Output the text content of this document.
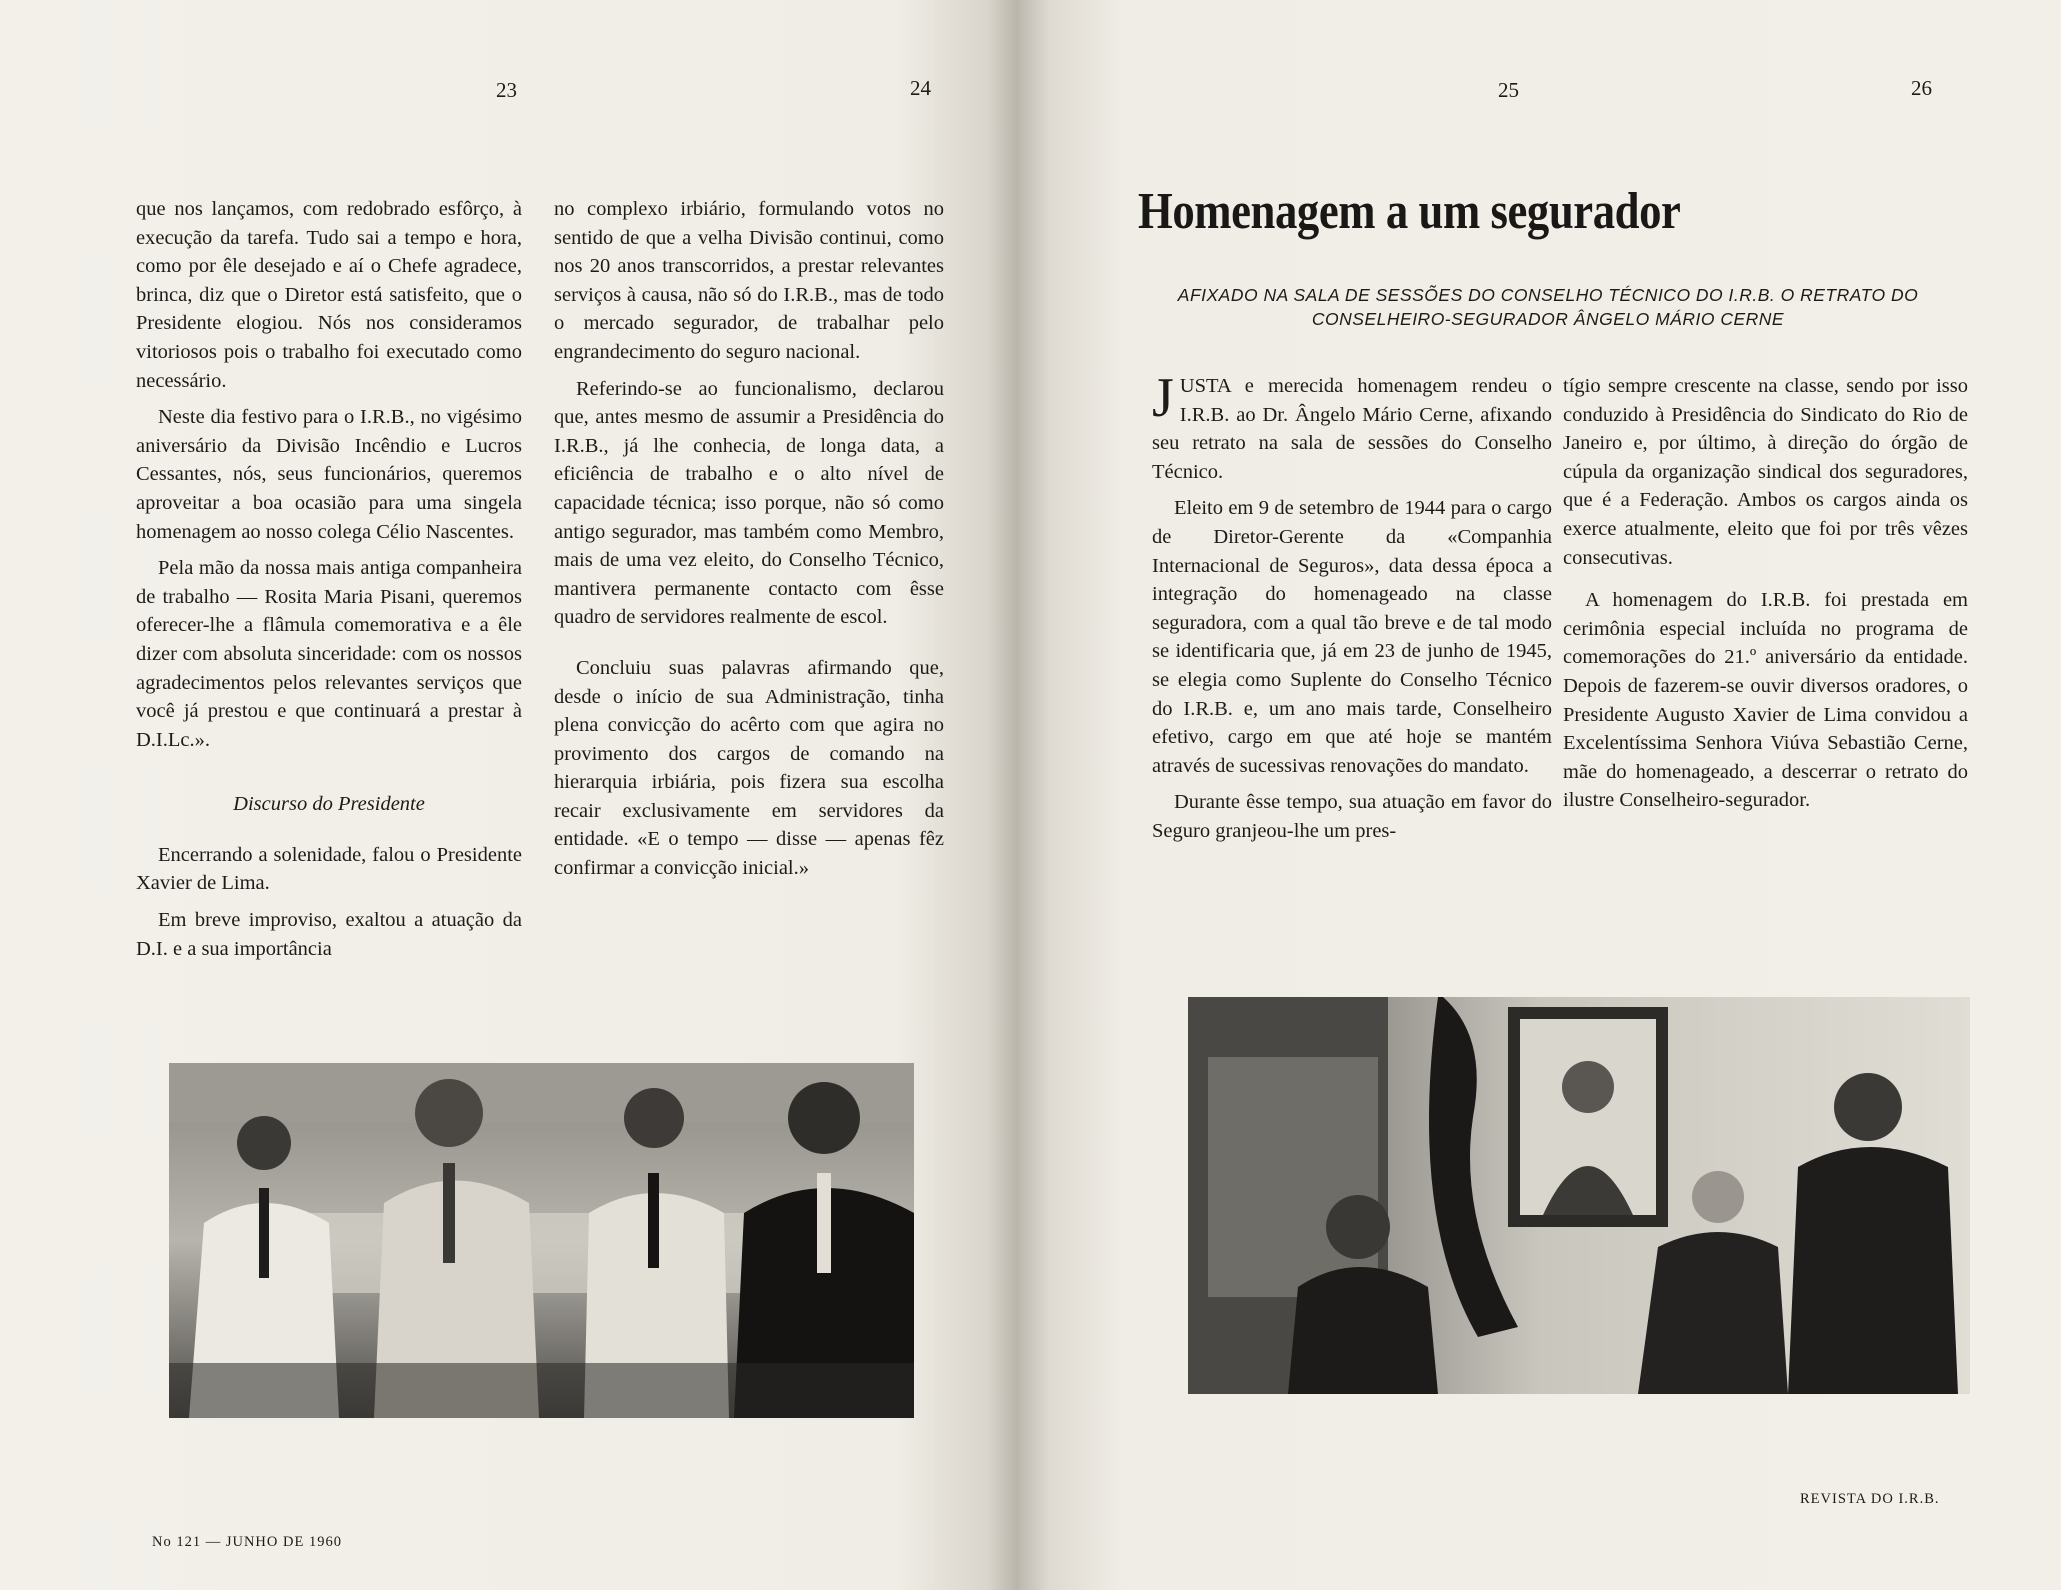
23	24

que nos lançamos, com redobrado esfôrço, à execução da tarefa. Tudo sai a tempo e hora, como por êle desejado e aí o Chefe agradece, brinca, diz que o Diretor está satisfeito, que o Presidente elogiou. Nós nos consideramos vitoriosos pois o trabalho foi executado como necessário.

Neste dia festivo para o I.R.B., no vigésimo aniversário da Divisão Incêndio e Lucros Cessantes, nós, seus funcionários, queremos aproveitar a boa ocasião para uma singela homenagem ao nosso colega Célio Nascentes.

Pela mão da nossa mais antiga companheira de trabalho — Rosita Maria Pisani, queremos oferecer-lhe a flâmula comemorativa e a êle dizer com absoluta sinceridade: com os nossos agradecimentos pelos relevantes serviços que você já prestou e que continuará a prestar à D.I.Lc.».

Discurso do Presidente

Encerrando a solenidade, falou o Presidente Xavier de Lima.

Em breve improviso, exaltou a atuação da D.I. e a sua importância

no complexo irbiário, formulando votos no sentido de que a velha Divisão continui, como nos 20 anos transcorridos, a prestar relevantes serviços à causa, não só do I.R.B., mas de todo o mercado segurador, de trabalhar pelo engrandecimento do seguro nacional.

Referindo-se ao funcionalismo, declarou que, antes mesmo de assumir a Presidência do I.R.B., já lhe conhecia, de longa data, a eficiência de trabalho e o alto nível de capacidade técnica; isso porque, não só como antigo segurador, mas também como Membro, mais de uma vez eleito, do Conselho Técnico, mantivera permanente contacto com êsse quadro de servidores realmente de escol.

Concluiu suas palavras afirmando que, desde o início de sua Administração, tinha plena convicção do acêrto com que agira no provimento dos cargos de comando na hierarquia irbiária, pois fizera sua escolha recair exclusivamente em servidores da entidade. «E o tempo — disse — apenas fêz confirmar a convicção inicial.»

No 121 — JUNHO DE 1960
25	26
Homenagem a um segurador
AFIXADO NA SALA DE SESSÕES DO CONSELHO TÉCNICO DO I.R.B. O RETRATO DO CONSELHEIRO-SEGURADOR ÂNGELO MÁRIO CERNE

JUSTA e merecida homenagem rendeu o I.R.B. ao Dr. Ângelo Mário Cerne, afixando seu retrato na sala de sessões do Conselho Técnico.

Eleito em 9 de setembro de 1944 para o cargo de Diretor-Gerente da «Companhia Internacional de Seguros», data dessa época a integração do homenageado na classe seguradora, com a qual tão breve e de tal modo se identificaria que, já em 23 de junho de 1945, se elegia como Suplente do Conselho Técnico do I.R.B. e, um ano mais tarde, Conselheiro efetivo, cargo em que até hoje se mantém através de sucessivas renovações do mandato.

Durante êsse tempo, sua atuação em favor do Seguro granjeou-lhe um pres-

tígio sempre crescente na classe, sendo por isso conduzido à Presidência do Sindicato do Rio de Janeiro e, por último, à direção do órgão de cúpula da organização sindical dos seguradores, que é a Federação. Ambos os cargos ainda os exerce atualmente, eleito que foi por três vêzes consecutivas.

A homenagem do I.R.B. foi prestada em cerimônia especial incluída no programa de comemorações do 21.º aniversário da entidade. Depois de fazerem-se ouvir diversos oradores, o Presidente Augusto Xavier de Lima convidou a Excelentíssima Senhora Viúva Sebastião Cerne, mãe do homenageado, a descerrar o retrato do ilustre Conselheiro-segurador.

REVISTA DO I.R.B.
